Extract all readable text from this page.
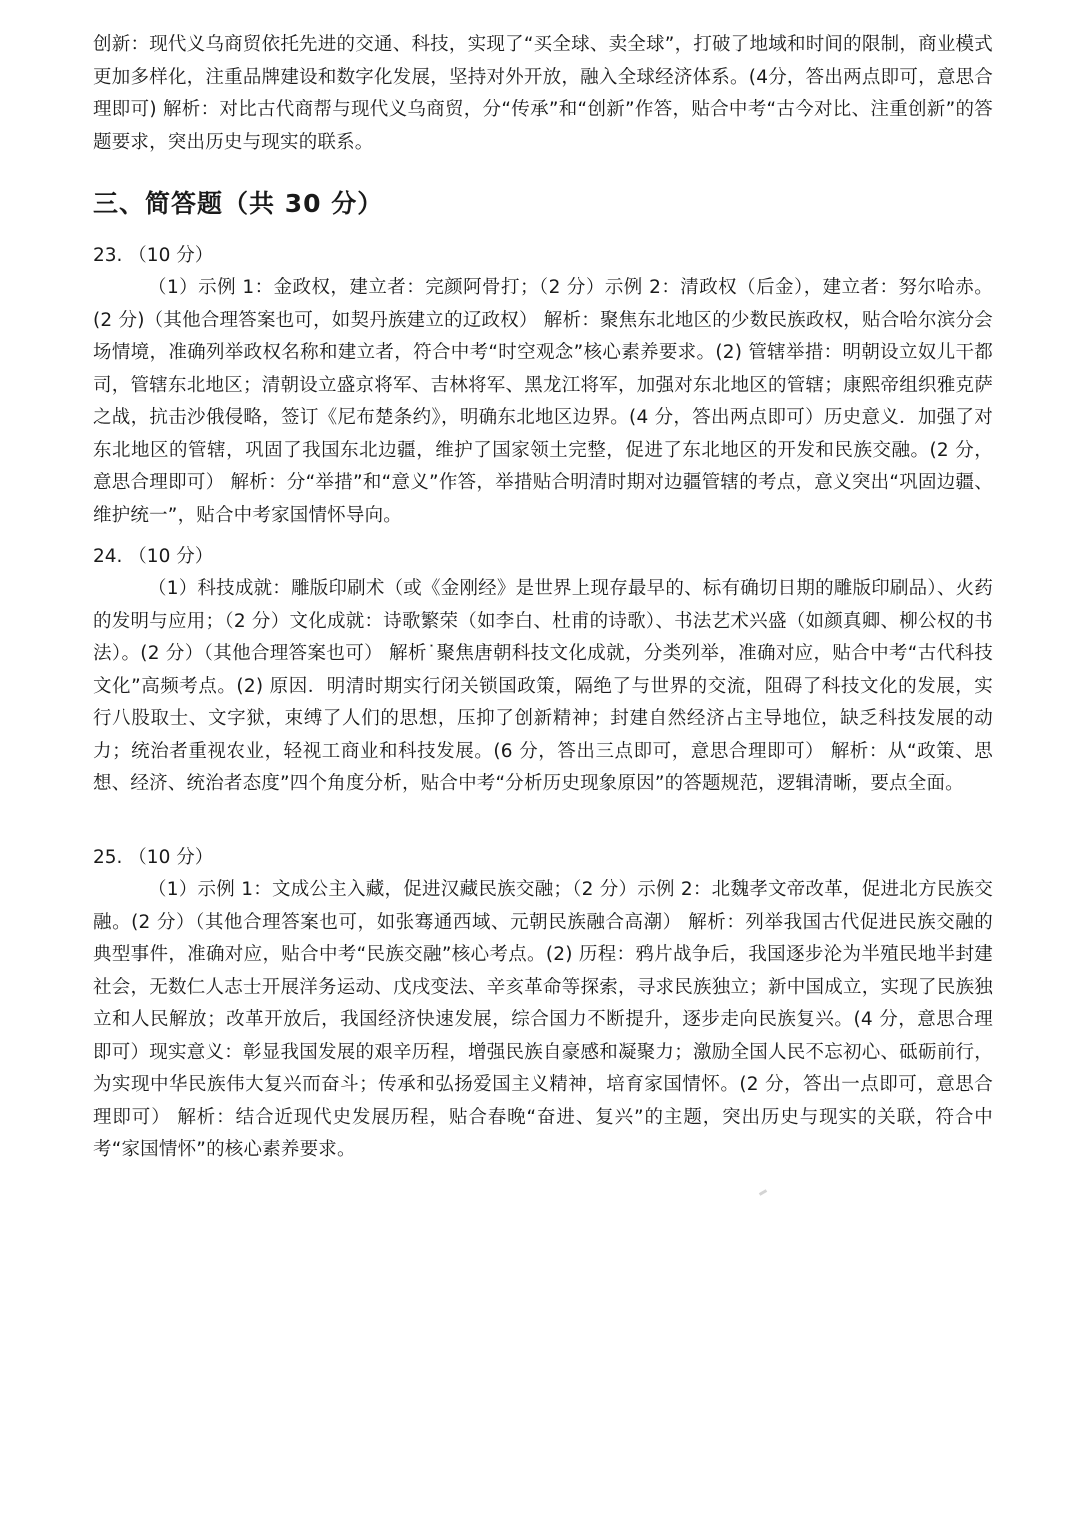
创新：现代义乌商贸依托先进的交通、科技，实现了“买全球、卖全球”，打破了地域和时间的限制，商业模式更加多样化，注重品牌建设和数字化发展，坚持对外开放，融入全球经济体系。(4分，答出两点即可，意思合理即可) 解析：对比古代商帮与现代义乌商贸，分“传承”和“创新”作答，贴合中考“古今对比、注重创新”的答题要求，突出历史与现实的联系。

三、简答题（共 30 分）
23. （10 分）

（1）示例 1：金政权，建立者：完颜阿骨打；（2 分）示例 2：清政权（后金），建立者：努尔哈赤。(2 分)（其他合理答案也可，如契丹族建立的辽政权） 解析：聚焦东北地区的少数民族政权，贴合哈尔滨分会场情境，准确列举政权名称和建立者，符合中考“时空观念”核心素养要求。(2) 管辖举措：明朝设立奴儿干都司，管辖东北地区；清朝设立盛京将军、吉林将军、黑龙江将军，加强对东北地区的管辖；康熙帝组织雅克萨之战，抗击沙俄侵略，签订《尼布楚条约》，明确东北地区边界。(4 分，答出两点即可）历史意义．加强了对东北地区的管辖，巩固了我国东北边疆，维护了国家领土完整，促进了东北地区的开发和民族交融。(2 分，意思合理即可） 解析：分“举措”和“意义”作答，举措贴合明清时期对边疆管辖的考点，意义突出“巩固边疆、维护统一”，贴合中考家国情怀导向。

24. （10 分）

（1）科技成就：雕版印刷术（或《金刚经》是世界上现存最早的、标有确切日期的雕版印刷品）、火药的发明与应用；（2 分）文化成就：诗歌繁荣（如李白、杜甫的诗歌）、书法艺术兴盛（如颜真卿、柳公权的书法）。(2 分）（其他合理答案也可） 解析˙聚焦唐朝科技文化成就，分类列举，准确对应，贴合中考“古代科技文化”高频考点。(2) 原因．明清时期实行闭关锁国政策，隔绝了与世界的交流，阻碍了科技文化的发展，实行八股取士、文字狱，束缚了人们的思想，压抑了创新精神；封建自然经济占主导地位，缺乏科技发展的动力；统治者重视农业，轻视工商业和科技发展。(6 分，答出三点即可，意思合理即可） 解析：从“政策、思想、经济、统治者态度”四个角度分析，贴合中考“分析历史现象原因”的答题规范，逻辑清晰，要点全面。

25. （10 分）

（1）示例 1：文成公主入藏，促进汉藏民族交融；（2 分）示例 2：北魏孝文帝改革，促进北方民族交融。(2 分）（其他合理答案也可，如张骞通西域、元朝民族融合高潮） 解析：列举我国古代促进民族交融的典型事件，准确对应，贴合中考“民族交融”核心考点。(2) 历程：鸦片战争后，我国逐步沦为半殖民地半封建社会，无数仁人志士开展洋务运动、戊戌变法、辛亥革命等探索，寻求民族独立；新中国成立，实现了民族独立和人民解放；改革开放后，我国经济快速发展，综合国力不断提升，逐步走向民族复兴。(4 分，意思合理即可）现实意义：彰显我国发展的艰辛历程，增强民族自豪感和凝聚力；激励全国人民不忘初心、砥砺前行，为实现中华民族伟大复兴而奋斗；传承和弘扬爱国主义精神，培育家国情怀。(2 分，答出一点即可，意思合理即可） 解析：结合近现代史发展历程，贴合春晚“奋进、复兴”的主题，突出历史与现实的关联，符合中考“家国情怀”的核心素养要求。
